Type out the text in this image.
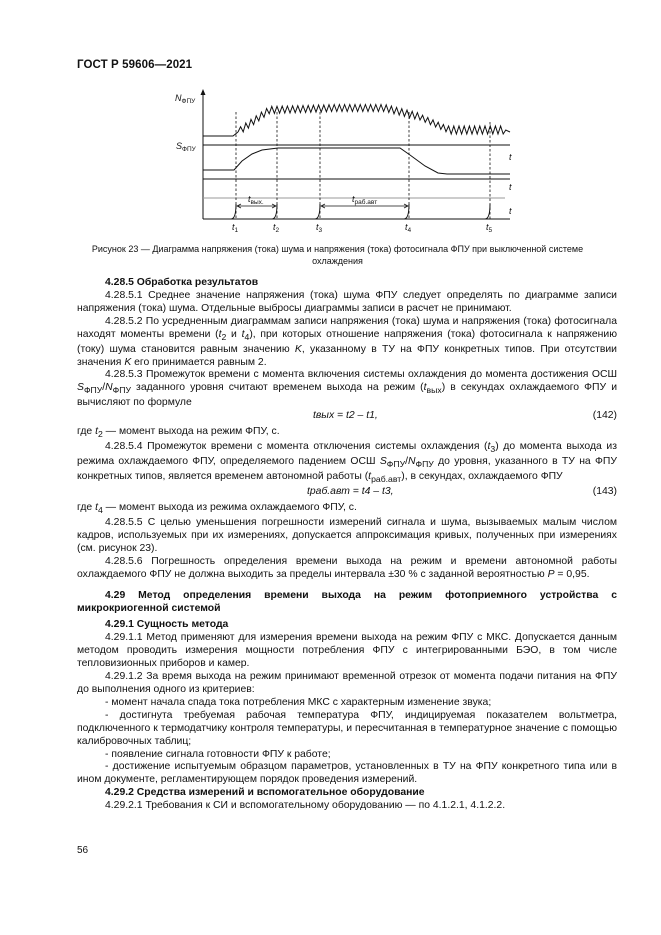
ГОСТ Р 59606—2021
$N_{ФПУ}$
$S_{ФПУ}$
t
t
t
$t_{вых.}$	$t_{раб.авт}$
$t_1$	$t_2$	$t_3$	$t_4$	$t_5$
Рисунок 23 — Диаграмма напряжения (тока) шума и напряжения (тока) фотосигнала ФПУ при выключенной системе охлаждения

4.28.5 Обработка результатов

4.28.5.1 Среднее значение напряжения (тока) шума ФПУ следует определять по диаграмме записи напряжения (тока) шума. Отдельные выбросы диаграммы записи в расчет не принимают.

4.28.5.2 По усредненным диаграммам записи напряжения (тока) шума и напряжения (тока) фотосигнала находят моменты времени ($t_2$ и $t_4$), при которых отношение напряжения (тока) фотосигнала к напряжению (току) шума становится равным значению K, указанному в ТУ на ФПУ конкретных типов. При отсутствии значения K его принимается равным 2.

4.28.5.3 Промежуток времени с момента включения системы охлаждения до момента достижения ОСШ $S_{ФПУ}/N_{ФПУ}$ заданного уровня считают временем выхода на режим $(t_{вых})$ в секундах охлаждаемого ФПУ и вычисляют по формуле

tвых = t2 – t1,	(142)

где $t_2$ — момент выхода на режим ФПУ, с.

4.28.5.4 Промежуток времени с момента отключения системы охлаждения $(t_3)$ до момента выхода из режима охлаждаемого ФПУ, определяемого падением ОСШ $S_{ФПУ}/N_{ФПУ}$ до уровня, указанного в ТУ на ФПУ конкретных типов, является временем автономной работы $(t_{раб.авт})$, в секундах, охлаждаемого ФПУ

tраб.авт = t4 – t3,	(143)

где $t_4$ — момент выхода из режима охлаждаемого ФПУ, с.

4.28.5.5 С целью уменьшения погрешности измерений сигнала и шума, вызываемых малым числом кадров, используемых при их измерениях, допускается аппроксимация кривых, полученных при измерениях (см. рисунок 23).

4.28.5.6 Погрешность определения времени выхода на режим и времени автономной работы охлаждаемого ФПУ не должна выходить за пределы интервала ±30 % с заданной вероятностью P = 0,95.

4.29 Метод определения времени выхода на режим фотоприемного устройства с микрокриогенной системой

4.29.1 Сущность метода

4.29.1.1 Метод применяют для измерения времени выхода на режим ФПУ с МКС. Допускается данным методом проводить измерения мощности потребления ФПУ с интегрированными БЭО, в том числе тепловизионных приборов и камер.

4.29.1.2 За время выхода на режим принимают временной отрезок от момента подачи питания на ФПУ до выполнения одного из критериев:

- момент начала спада тока потребления МКС с характерным изменение звука;

- достигнута требуемая рабочая температура ФПУ, индицируемая показателем вольтметра, подключенного к термодатчику контроля температуры, и пересчитанная в температурное значение с помощью калибровочных таблиц;

- появление сигнала готовности ФПУ к работе;

- достижение испытуемым образцом параметров, установленных в ТУ на ФПУ конкретного типа или в ином документе, регламентирующем порядок проведения измерений.

4.29.2 Средства измерений и вспомогательное оборудование

4.29.2.1 Требования к СИ и вспомогательному оборудованию — по 4.1.2.1, 4.1.2.2.

56
